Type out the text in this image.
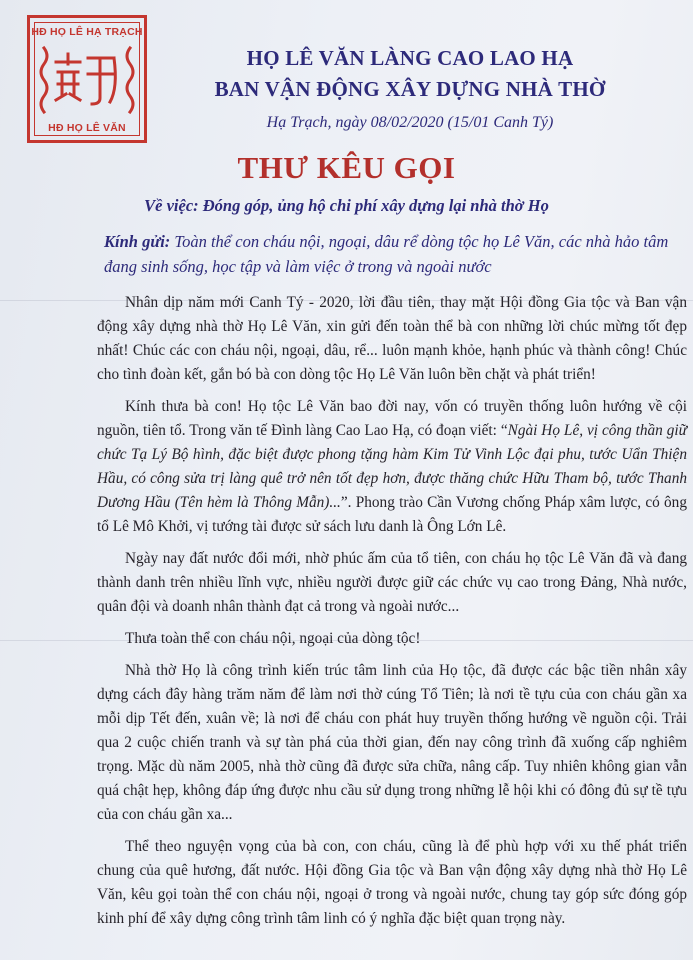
HĐ HỌ LÊ HẠ TRẠCH
HĐ HỌ LÊ VĂN
HỌ LÊ VĂN LÀNG CAO LAO HẠ
BAN VẬN ĐỘNG XÂY DỰNG NHÀ THỜ
Hạ Trạch, ngày 08/02/2020 (15/01 Canh Tý)
THƯ KÊU GỌI
Về việc: Đóng góp, ủng hộ chi phí xây dựng lại nhà thờ Họ
Kính gửi: Toàn thể con cháu nội, ngoại, dâu rể dòng tộc họ Lê Văn, các nhà hảo tâm đang sinh sống, học tập và làm việc ở trong và ngoài nước

Nhân dịp năm mới Canh Tý - 2020, lời đầu tiên, thay mặt Hội đồng Gia tộc và Ban vận động xây dựng nhà thờ Họ Lê Văn, xin gửi đến toàn thể bà con những lời chúc mừng tốt đẹp nhất! Chúc các con cháu nội, ngoại, dâu, rể... luôn mạnh khỏe, hạnh phúc và thành công! Chúc cho tình đoàn kết, gắn bó bà con dòng tộc Họ Lê Văn luôn bền chặt và phát triển!

Kính thưa bà con! Họ tộc Lê Văn bao đời nay, vốn có truyền thống luôn hướng về cội nguồn, tiên tổ. Trong văn tế Đình làng Cao Lao Hạ, có đoạn viết: “Ngài Họ Lê, vị công thần giữ chức Tạ Lý Bộ hình, đặc biệt được phong tặng hàm Kim Tử Vinh Lộc đại phu, tước Uẩn Thiện Hầu, có công sửa trị làng quê trở nên tốt đẹp hơn, được thăng chức Hữu Tham bộ, tước Thanh Dương Hầu (Tên hèm là Thông Mẫn)...”. Phong trào Cần Vương chống Pháp xâm lược, có ông tổ Lê Mô Khởi, vị tướng tài được sử sách lưu danh là Ông Lớn Lê.

Ngày nay đất nước đổi mới, nhờ phúc ấm của tổ tiên, con cháu họ tộc Lê Văn đã và đang thành danh trên nhiều lĩnh vực, nhiều người được giữ các chức vụ cao trong Đảng, Nhà nước, quân đội và doanh nhân thành đạt cả trong và ngoài nước...

Thưa toàn thể con cháu nội, ngoại của dòng tộc!

Nhà thờ Họ là công trình kiến trúc tâm linh của Họ tộc, đã được các bậc tiền nhân xây dựng cách đây hàng trăm năm để làm nơi thờ cúng Tổ Tiên; là nơi tề tựu của con cháu gần xa mỗi dịp Tết đến, xuân về; là nơi để cháu con phát huy truyền thống hướng về nguồn cội. Trải qua 2 cuộc chiến tranh và sự tàn phá của thời gian, đến nay công trình đã xuống cấp nghiêm trọng. Mặc dù năm 2005, nhà thờ cũng đã được sửa chữa, nâng cấp. Tuy nhiên không gian vẫn quá chật hẹp, không đáp ứng được nhu cầu sử dụng trong những lễ hội khi có đông đủ sự tề tựu của con cháu gần xa...

Thể theo nguyện vọng của bà con, con cháu, cũng là để phù hợp với xu thế phát triển chung của quê hương, đất nước. Hội đồng Gia tộc và Ban vận động xây dựng nhà thờ Họ Lê Văn, kêu gọi toàn thể con cháu nội, ngoại ở trong và ngoài nước, chung tay góp sức đóng góp kinh phí để xây dựng công trình tâm linh có ý nghĩa đặc biệt quan trọng này.
